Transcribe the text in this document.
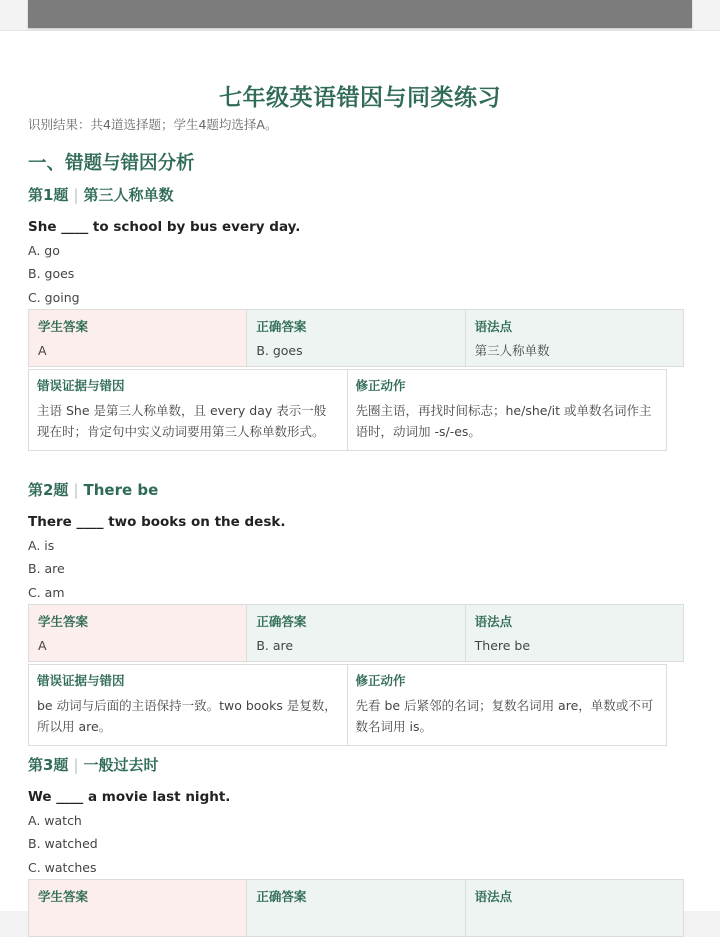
七年级英语错因与同类练习

识别结果：共4道选择题；学生4题均选择A。

一、错题与错因分析
第1题 | 第三人称单数

She ____ to school by bus every day.

A. go

B. goes

C. going

学生答案
A
正确答案
B. goes
语法点
第三人称单数
错误证据与错因
主语 She 是第三人称单数，且 every day 表示一般现在时；肯定句中实义动词要用第三人称单数形式。
修正动作
先圈主语，再找时间标志；he/she/it 或单数名词作主语时，动词加 -s/-es。
第2题 | There be

There ____ two books on the desk.

A. is

B. are

C. am

学生答案
A
正确答案
B. are
语法点
There be
错误证据与错因
be 动词与后面的主语保持一致。two books 是复数，所以用 are。
修正动作
先看 be 后紧邻的名词；复数名词用 are，单数或不可数名词用 is。
第3题 | 一般过去时

We ____ a movie last night.

A. watch

B. watched

C. watches

学生答案	正确答案	语法点
